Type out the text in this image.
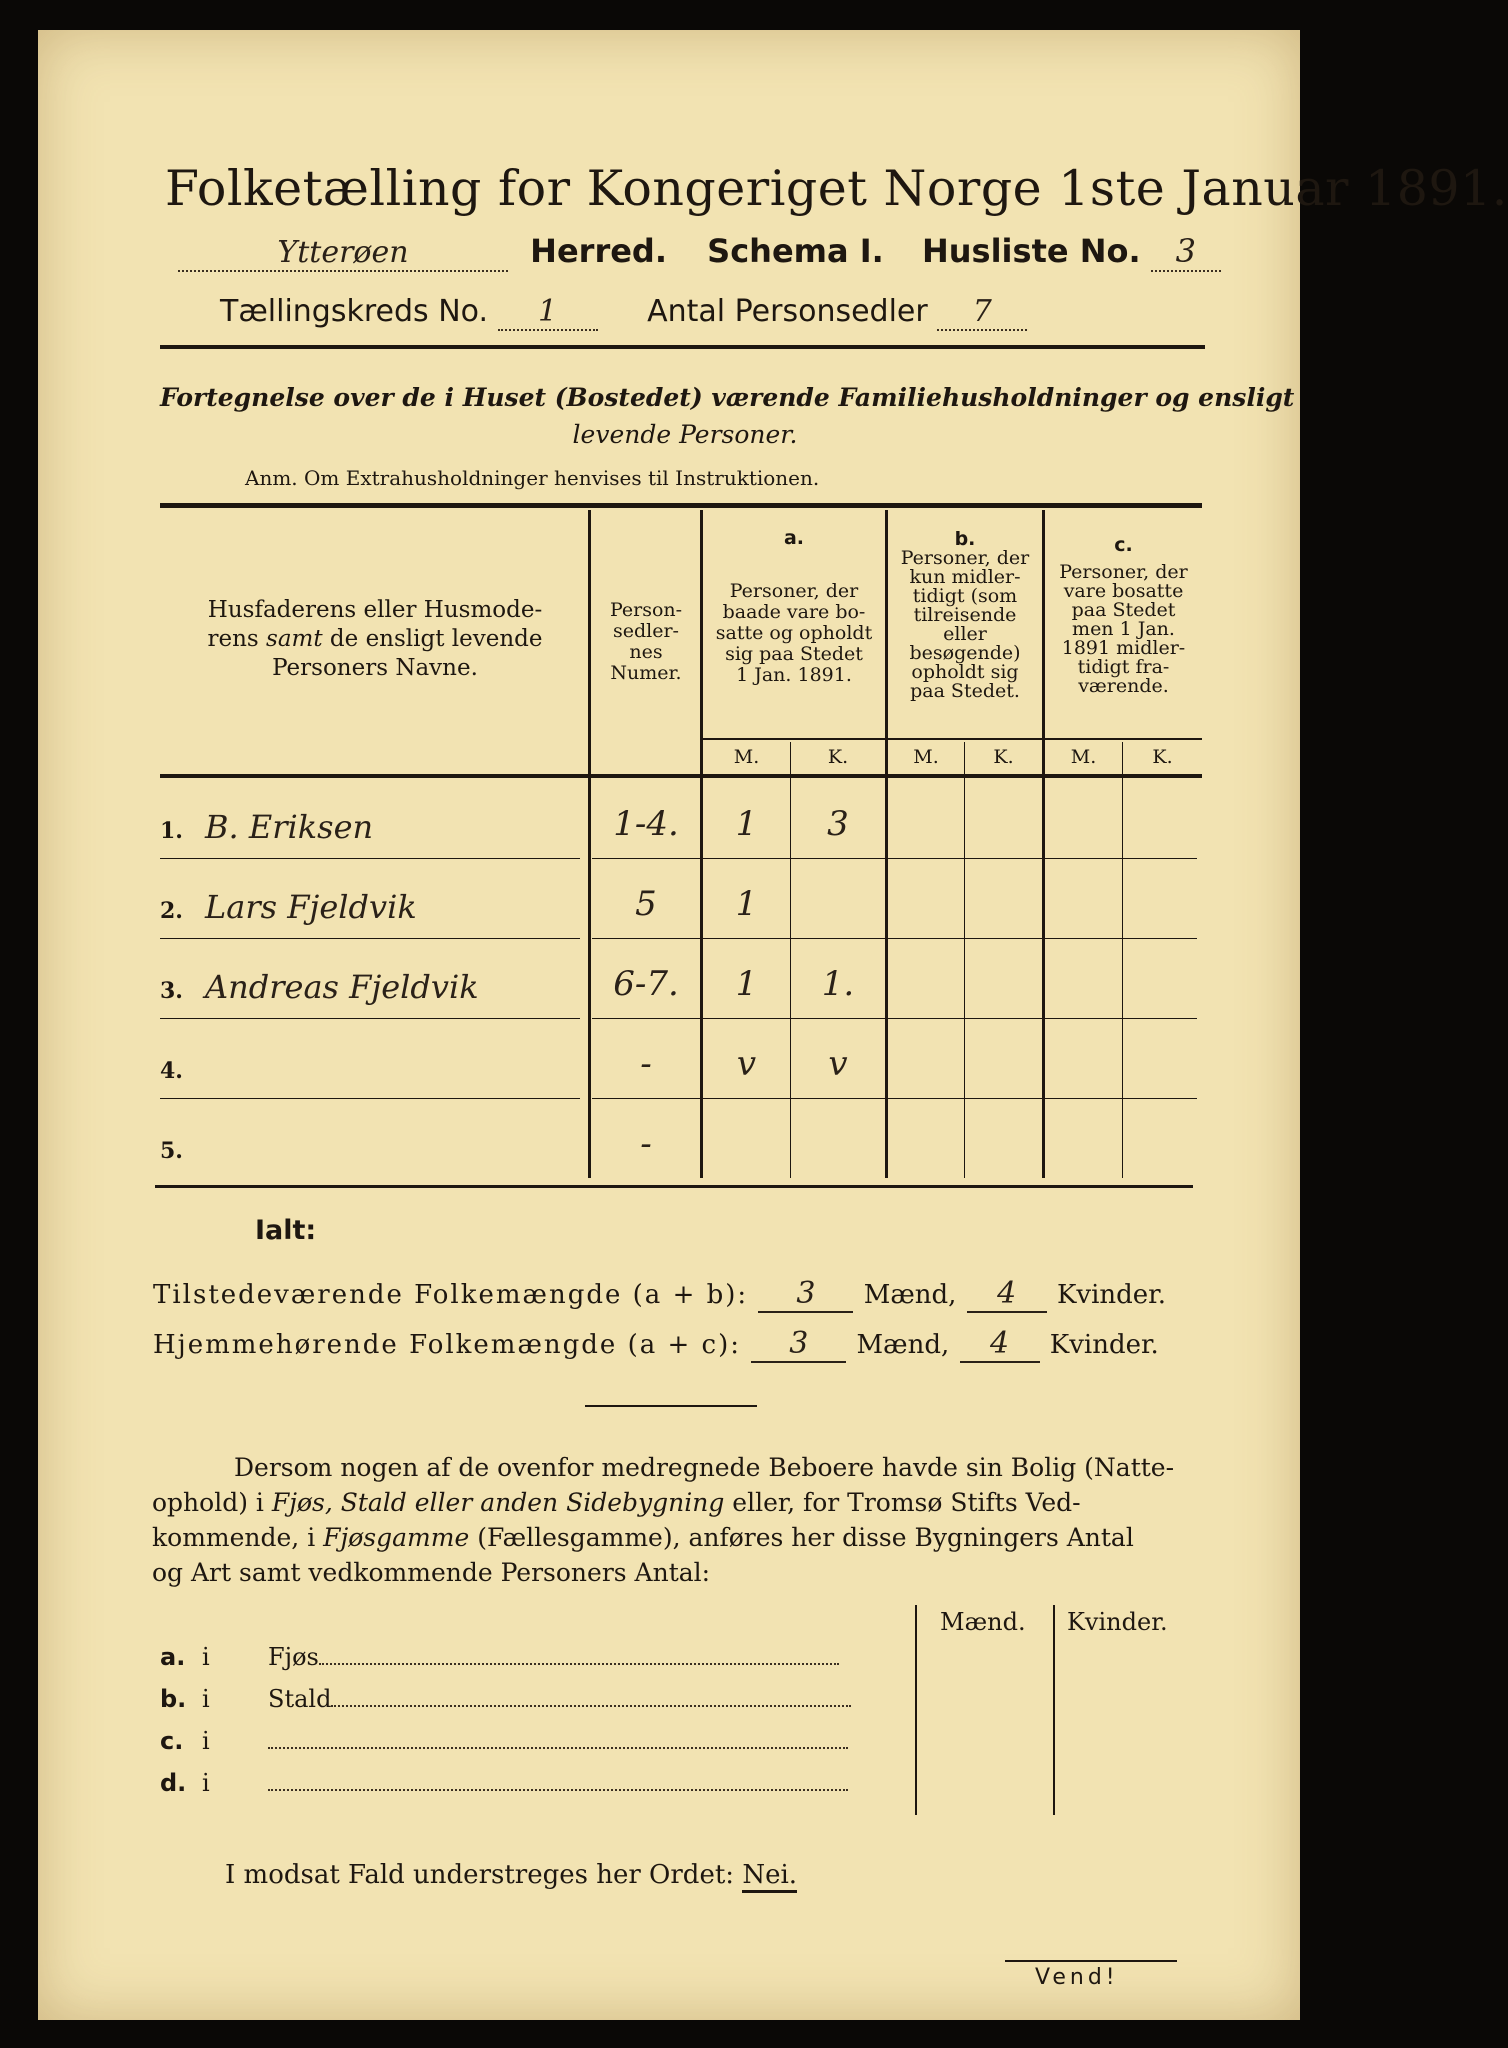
Folketælling for Kongeriget Norge 1ste Januar 1891.
Ytterøen	Herred. Schema I. Husliste No. 3
Tællingskreds No. 1	Antal Personsedler 7
Fortegnelse over de i Huset (Bostedet) værende Familiehusholdninger og ensligt
levende Personer.
Anm. Om Extrahusholdninger henvises til Instruktionen.
Husfaderens eller Husmode-
rens samt de ensligt levende
Personers Navne.
Person-
sedler-
nes
Numer.
a.
Personer, der
baade vare bo-
satte og opholdt
sig paa Stedet
1 Jan. 1891.
b.
Personer, der
kun midler-
tidigt (som
tilreisende
eller
besøgende)
opholdt sig
paa Stedet.
c.
Personer, der
vare bosatte
paa Stedet
men 1 Jan.
1891 midler-
tidigt fra-
værende.
M.	K.	M.	K.	M.	K.
1. B. Eriksen	1-4.	1	3
2. Lars Fjeldvik	5	1
3. Andreas Fjeldvik	6-7.	1	1.
4.	-	v	v
5.	-
Ialt:
Tilstedeværende Folkemængde (a + b): 3 Mænd, 4 Kvinder.
Hjemmehørende Folkemængde (a + c): 3 Mænd, 4 Kvinder.
Dersom nogen af de ovenfor medregnede Beboere havde sin Bolig (Natte-
ophold) i Fjøs, Stald eller anden Sidebygning eller, for Tromsø Stifts Ved-
kommende, i Fjøsgamme (Fællesgamme), anføres her disse Bygningers Antal
og Art samt vedkommende Personers Antal:
Mænd. Kvinder.
a. i Fjøs
b. i Stald
c. i
d. i
I modsat Fald understreges her Ordet: Nei.
Vend!
